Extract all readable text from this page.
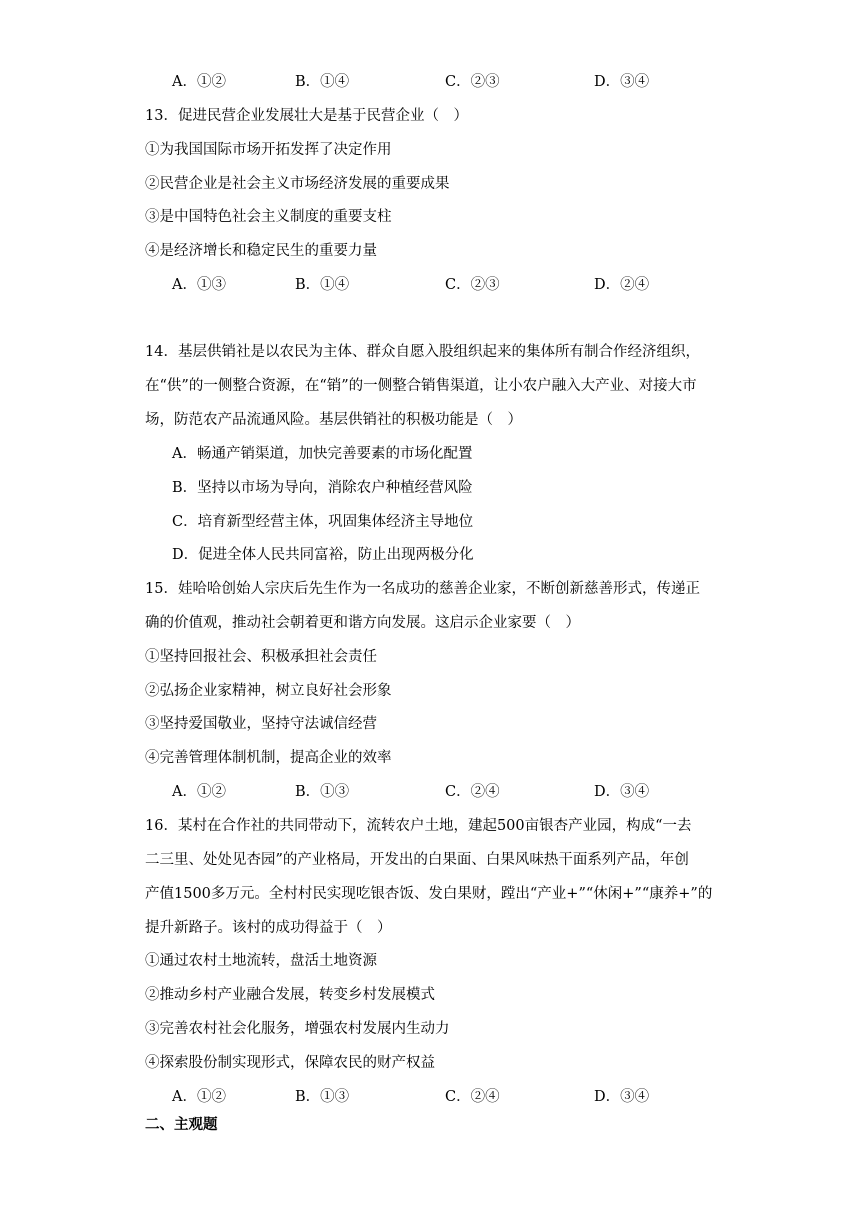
A．①②	B．①④	C．②③	D．③④
13．促进民营企业发展壮大是基于民营企业（　）
①为我国国际市场开拓发挥了决定作用
②民营企业是社会主义市场经济发展的重要成果
③是中国特色社会主义制度的重要支柱
④是经济增长和稳定民生的重要力量
A．①③	B．①④	C．②③	D．②④
14．基层供销社是以农民为主体、群众自愿入股组织起来的集体所有制合作经济组织，
在“供”的一侧整合资源，在“销”的一侧整合销售渠道，让小农户融入大产业、对接大市
场，防范农产品流通风险。基层供销社的积极功能是（　）
A．畅通产销渠道，加快完善要素的市场化配置
B．坚持以市场为导向，消除农户种植经营风险
C．培育新型经营主体，巩固集体经济主导地位
D．促进全体人民共同富裕，防止出现两极分化
15．娃哈哈创始人宗庆后先生作为一名成功的慈善企业家，不断创新慈善形式，传递正
确的价值观，推动社会朝着更和谐方向发展。这启示企业家要（　）
①坚持回报社会、积极承担社会责任
②弘扬企业家精神，树立良好社会形象
③坚持爱国敬业，坚持守法诚信经营
④完善管理体制机制，提高企业的效率
A．①②	B．①③	C．②④	D．③④
16．某村在合作社的共同带动下，流转农户土地，建起500亩银杏产业园，构成“一去
二三里、处处见杏园”的产业格局，开发出的白果面、白果风味热干面系列产品，年创
产值1500多万元。全村村民实现吃银杏饭、发白果财，蹚出“产业+”“休闲+”“康养+”的
提升新路子。该村的成功得益于（　）
①通过农村土地流转，盘活土地资源
②推动乡村产业融合发展，转变乡村发展模式
③完善农村社会化服务，增强农村发展内生动力
④探索股份制实现形式，保障农民的财产权益
A．①②	B．①③	C．②④	D．③④
二、主观题
